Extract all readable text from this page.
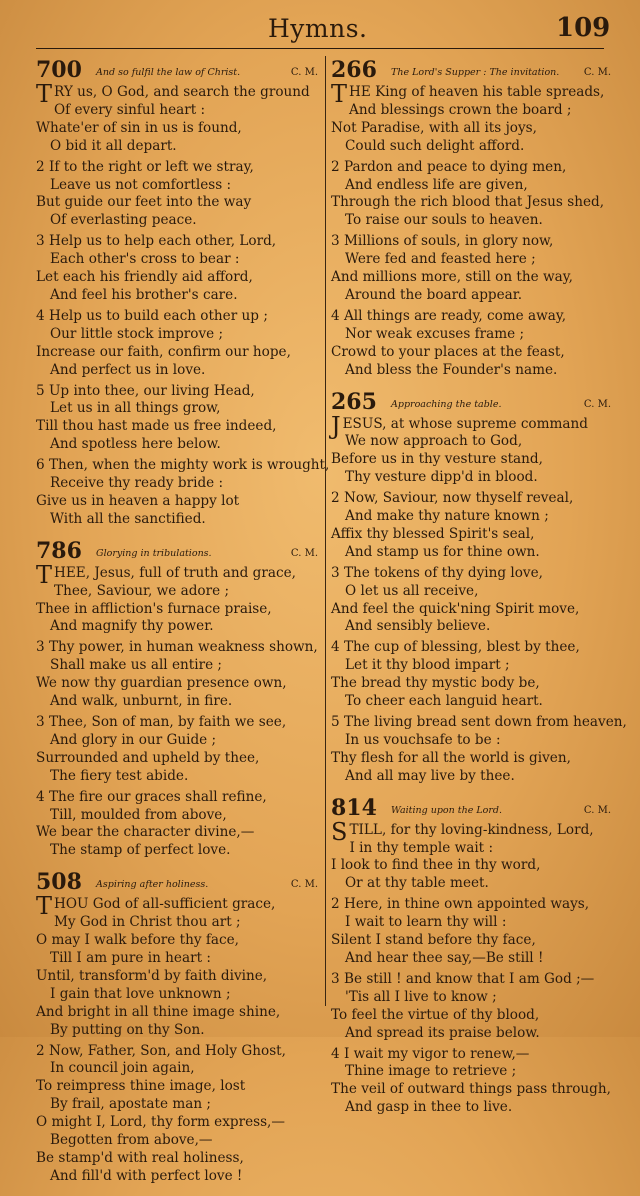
Hymns.	109
700 And so fulfil the law of Christ.	C. M.
TRY us, O God, and search the ground
Of every sinful heart :
Whate'er of sin in us is found,
O bid it all depart.
2 If to the right or left we stray,
Leave us not comfortless :
But guide our feet into the way
Of everlasting peace.
3 Help us to help each other, Lord,
Each other's cross to bear :
Let each his friendly aid afford,
And feel his brother's care.
4 Help us to build each other up ;
Our little stock improve ;
Increase our faith, confirm our hope,
And perfect us in love.
5 Up into thee, our living Head,
Let us in all things grow,
Till thou hast made us free indeed,
And spotless here below.
6 Then, when the mighty work is wrought,
Receive thy ready bride :
Give us in heaven a happy lot
With all the sanctified.
786 Glorying in tribulations.	C. M.
THEE, Jesus, full of truth and grace,
Thee, Saviour, we adore ;
Thee in affliction's furnace praise,
And magnify thy power.
3 Thy power, in human weakness shown,
Shall make us all entire ;
We now thy guardian presence own,
And walk, unburnt, in fire.
3 Thee, Son of man, by faith we see,
And glory in our Guide ;
Surrounded and upheld by thee,
The fiery test abide.
4 The fire our graces shall refine,
Till, moulded from above,
We bear the character divine,—
The stamp of perfect love.
508 Aspiring after holiness.	C. M.
THOU God of all-sufficient grace,
My God in Christ thou art ;
O may I walk before thy face,
Till I am pure in heart :
Until, transform'd by faith divine,
I gain that love unknown ;
And bright in all thine image shine,
By putting on thy Son.
2 Now, Father, Son, and Holy Ghost,
In council join again,
To reimpress thine image, lost
By frail, apostate man ;
O might I, Lord, thy form express,—
Begotten from above,—
Be stamp'd with real holiness,
And fill'd with perfect love !
266 The Lord's Supper : The invitation. C. M.
THE King of heaven his table spreads,
And blessings crown the board ;
Not Paradise, with all its joys,
Could such delight afford.
2 Pardon and peace to dying men,
And endless life are given,
Through the rich blood that Jesus shed,
To raise our souls to heaven.
3 Millions of souls, in glory now,
Were fed and feasted here ;
And millions more, still on the way,
Around the board appear.
4 All things are ready, come away,
Nor weak excuses frame ;
Crowd to your places at the feast,
And bless the Founder's name.
265 Approaching the table.	C. M.
JESUS, at whose supreme command
We now approach to God,
Before us in thy vesture stand,
Thy vesture dipp'd in blood.
2 Now, Saviour, now thyself reveal,
And make thy nature known ;
Affix thy blessed Spirit's seal,
And stamp us for thine own.
3 The tokens of thy dying love,
O let us all receive,
And feel the quick'ning Spirit move,
And sensibly believe.
4 The cup of blessing, blest by thee,
Let it thy blood impart ;
The bread thy mystic body be,
To cheer each languid heart.
5 The living bread sent down from heaven,
In us vouchsafe to be :
Thy flesh for all the world is given,
And all may live by thee.
814 Waiting upon the Lord.	C. M.
STILL, for thy loving-kindness, Lord,
I in thy temple wait :
I look to find thee in thy word,
Or at thy table meet.
2 Here, in thine own appointed ways,
I wait to learn thy will :
Silent I stand before thy face,
And hear thee say,—Be still !
3 Be still ! and know that I am God ;—
'Tis all I live to know ;
To feel the virtue of thy blood,
And spread its praise below.
4 I wait my vigor to renew,—
Thine image to retrieve ;
The veil of outward things pass through,
And gasp in thee to live.
